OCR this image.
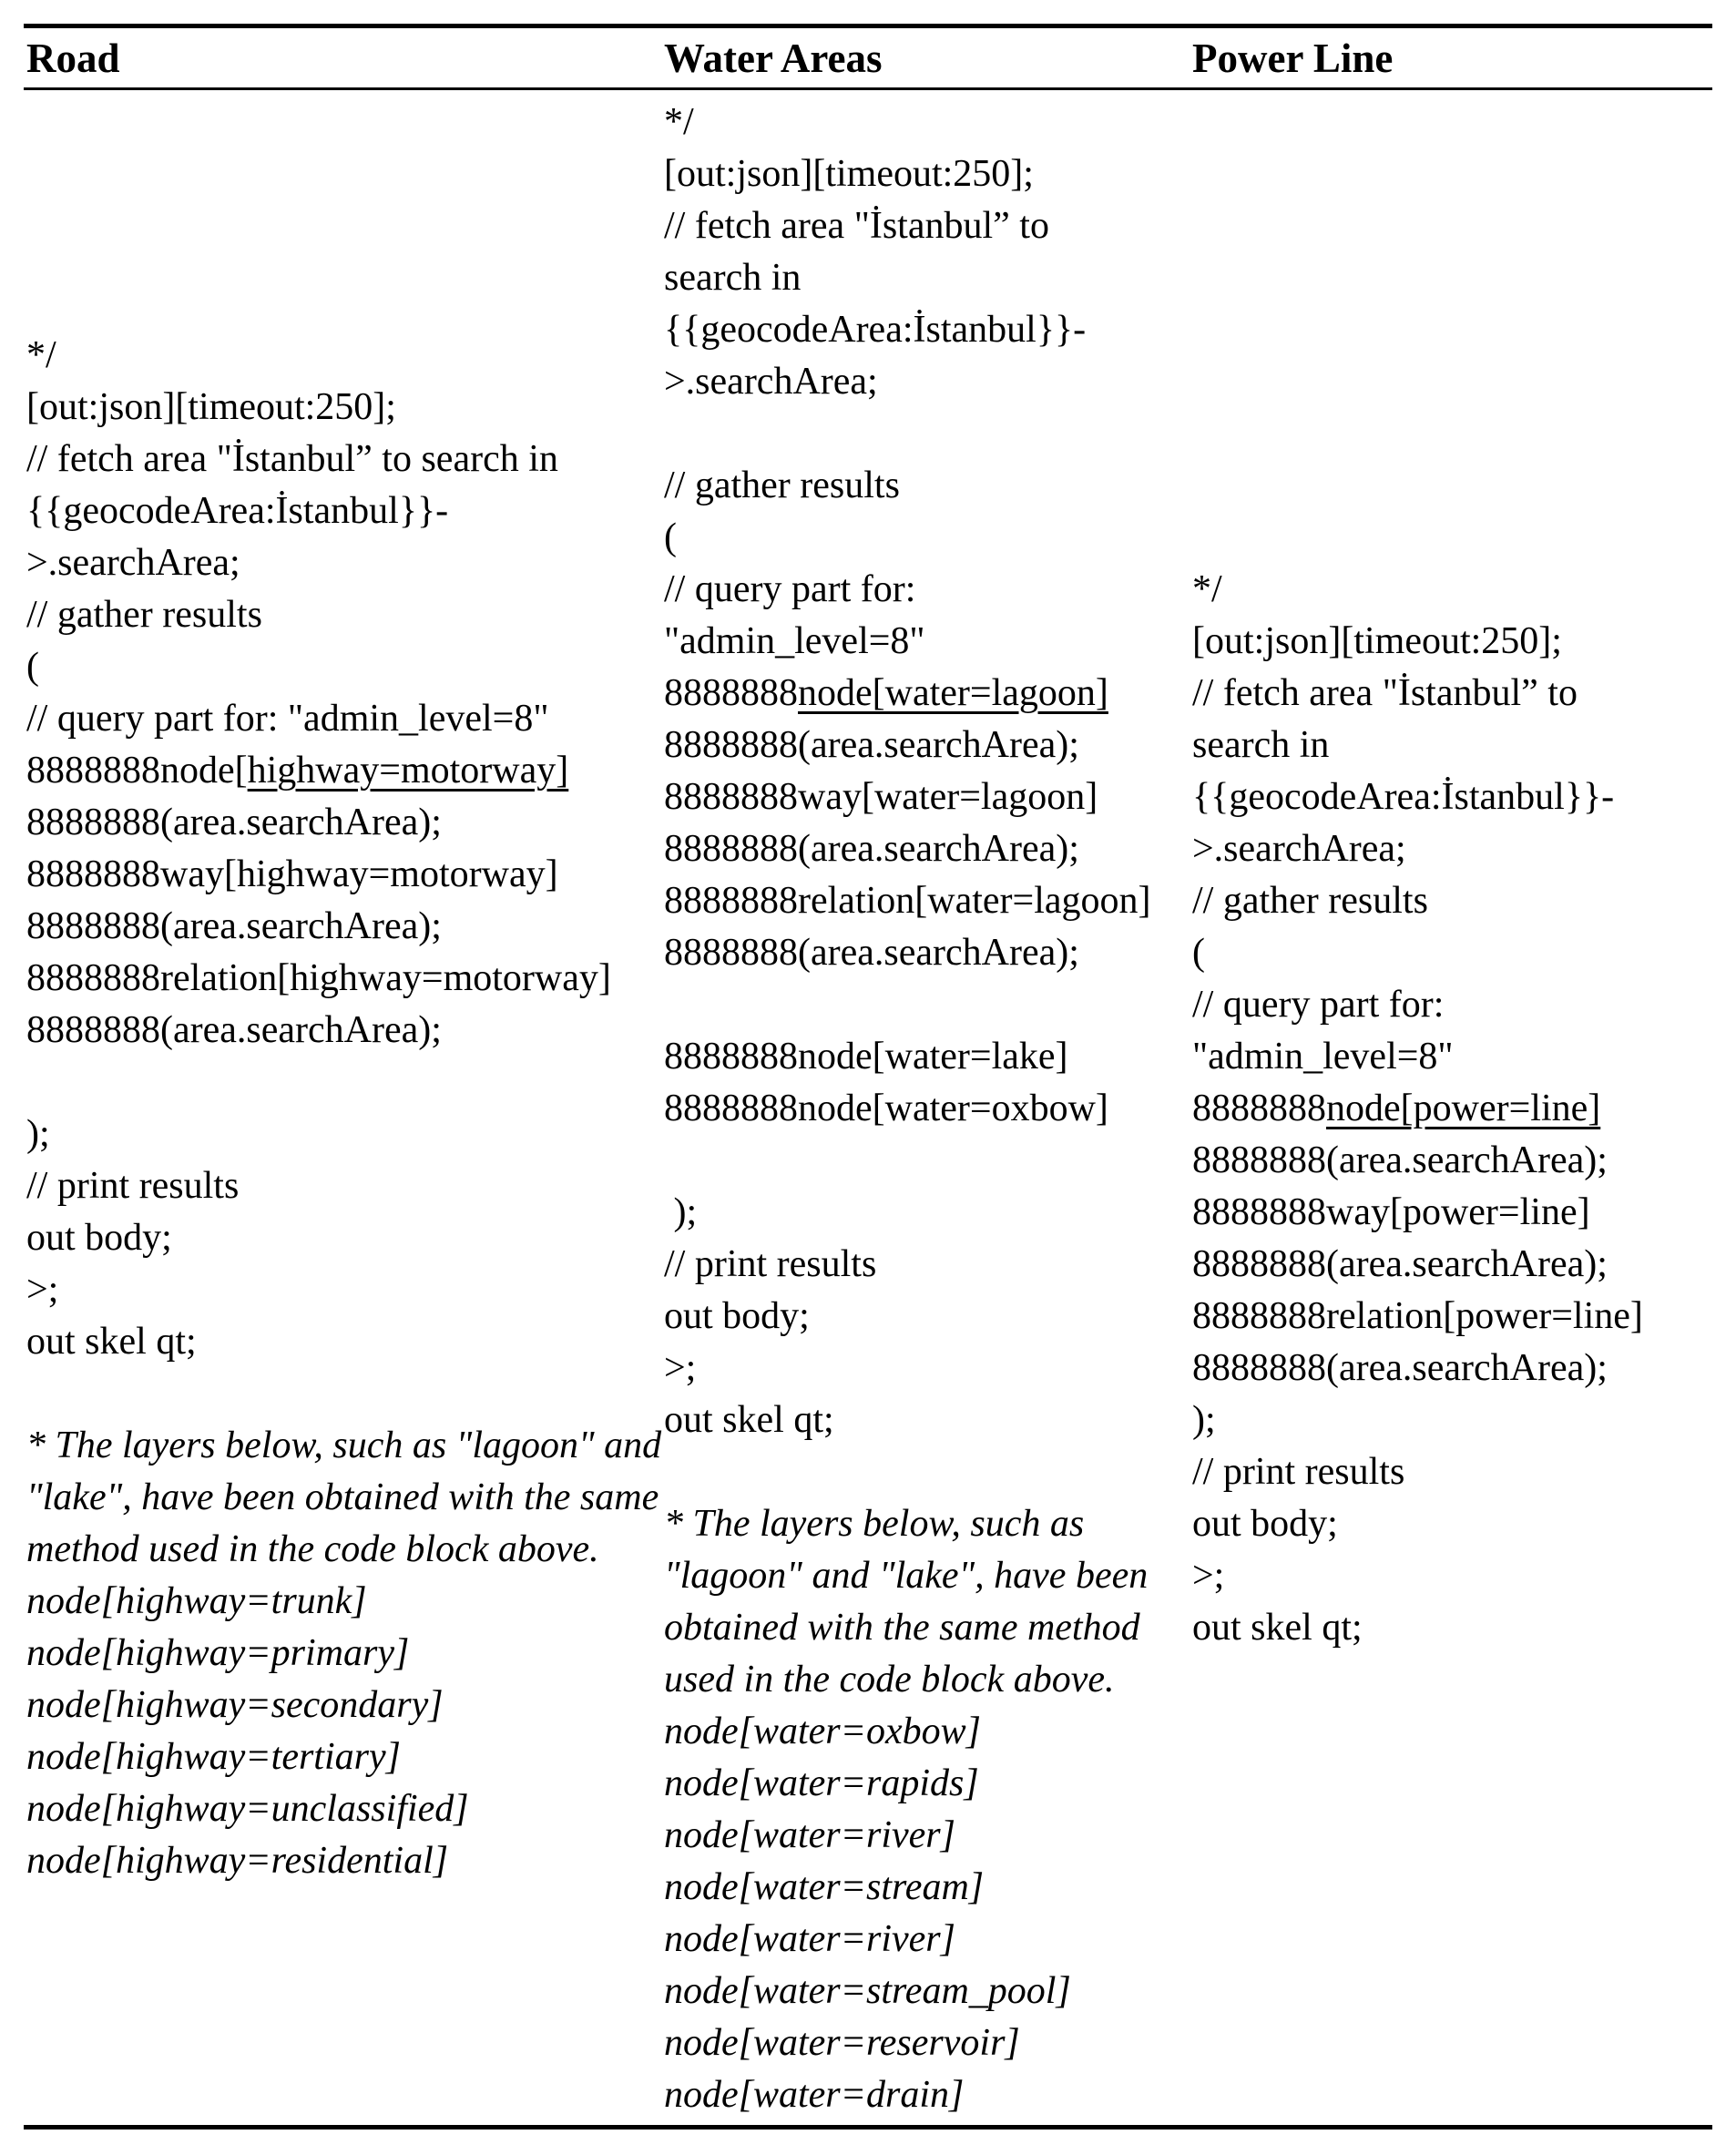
Road	Water Areas	Power Line
*/
[out:json][timeout:250];
// fetch area "İstanbul” to search in
{{geocodeArea:İstanbul}}-
>.searchArea;
// gather results
(
// query part for: "admin_level=8"
8888888node[highway=motorway]
8888888(area.searchArea);
8888888way[highway=motorway]
8888888(area.searchArea);
8888888relation[highway=motorway]
8888888(area.searchArea);

);
// print results
out body;
>;
out skel qt;
* The layers below, such as "lagoon" and
"lake", have been obtained with the same
method used in the code block above.
node[highway=trunk]
node[highway=primary]
node[highway=secondary]
node[highway=tertiary]
node[highway=unclassified]
node[highway=residential]
*/
[out:json][timeout:250];
// fetch area "İstanbul” to
search in
{{geocodeArea:İstanbul}}-
>.searchArea;

// gather results
(
// query part for:
"admin_level=8"
8888888node[water=lagoon]
8888888(area.searchArea);
8888888way[water=lagoon]
8888888(area.searchArea);
8888888relation[water=lagoon]
8888888(area.searchArea);

8888888node[water=lake]
8888888node[water=oxbow]

);
// print results
out body;
>;
out skel qt;
* The layers below, such as
"lagoon" and "lake", have been
obtained with the same method
used in the code block above.
node[water=oxbow]
node[water=rapids]
node[water=river]
node[water=stream]
node[water=river]
node[water=stream_pool]
node[water=reservoir]
node[water=drain]
*/
[out:json][timeout:250];
// fetch area "İstanbul” to
search in
{{geocodeArea:İstanbul}}-
>.searchArea;
// gather results
(
// query part for:
"admin_level=8"
8888888node[power=line]
8888888(area.searchArea);
8888888way[power=line]
8888888(area.searchArea);
8888888relation[power=line]
8888888(area.searchArea);
);
// print results
out body;
>;
out skel qt;
